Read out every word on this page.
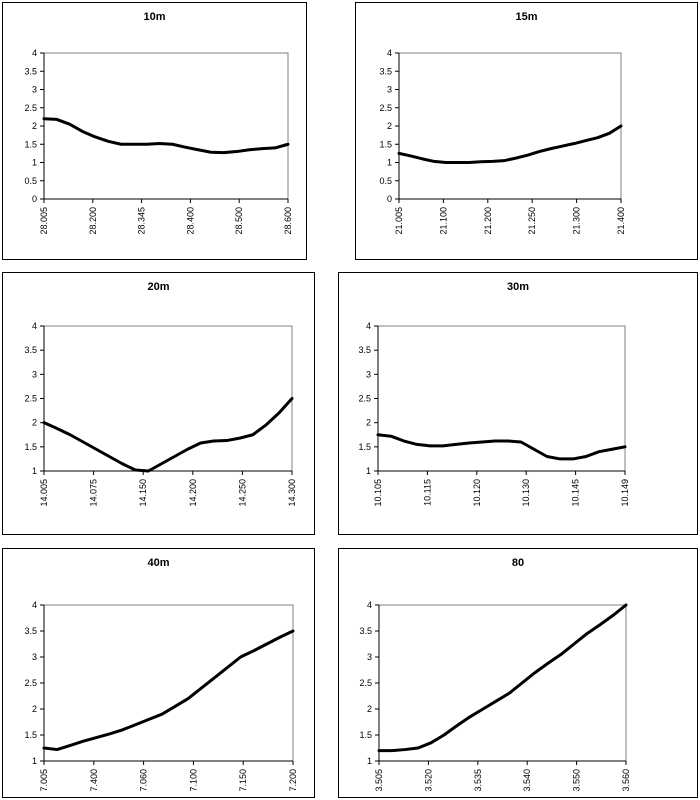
10m
0
0.5
1
1.5
2
2.5
3
3.5
4
28.005	28.200	28.345	28.400	28.500	28.600
15m
0
0.5
1
1.5
2
2.5
3
3.5
4
21.005	21.100	21.200	21.250	21.300	21.400
20m
1
1.5
2
2.5
3
3.5
4
14.005	14.075	14.150	14.200	14.250	14.300
30m
1
1.5
2
2.5
3
3.5
4
10.105	10.115	10.120	10.130	10.145	10.149
40m
1
1.5
2
2.5
3
3.5
4
7.005	7.400	7.060	7.100	7.150	7.200
80
1
1.5
2
2.5
3
3.5
4
3.505	3.520	3.535	3.540	3.550	3.560
